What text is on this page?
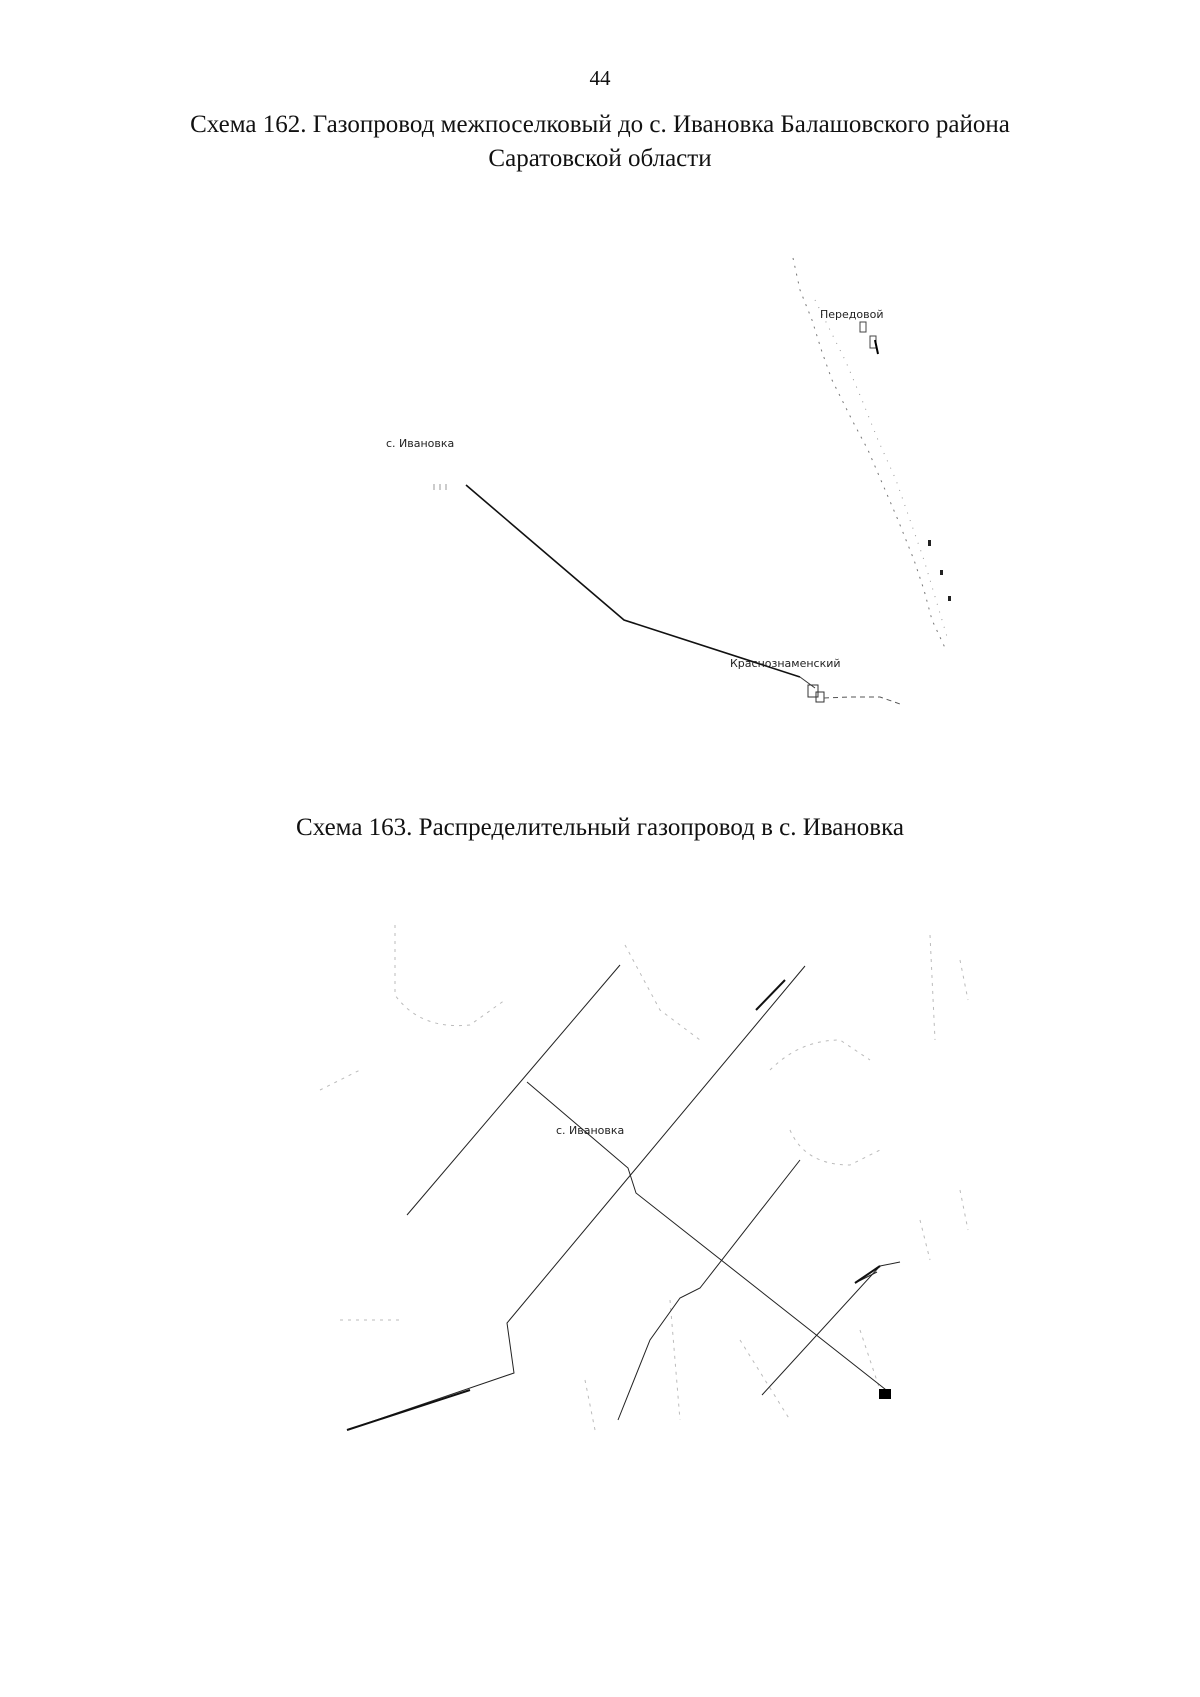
44
Схема 162. Газопровод межпоселковый до с. Ивановка Балашовского района
Саратовской области
Схема 163. Распределительный газопровод в с. Ивановка
с. Ивановка
Передовой
Краснознаменский
с. Ивановка
